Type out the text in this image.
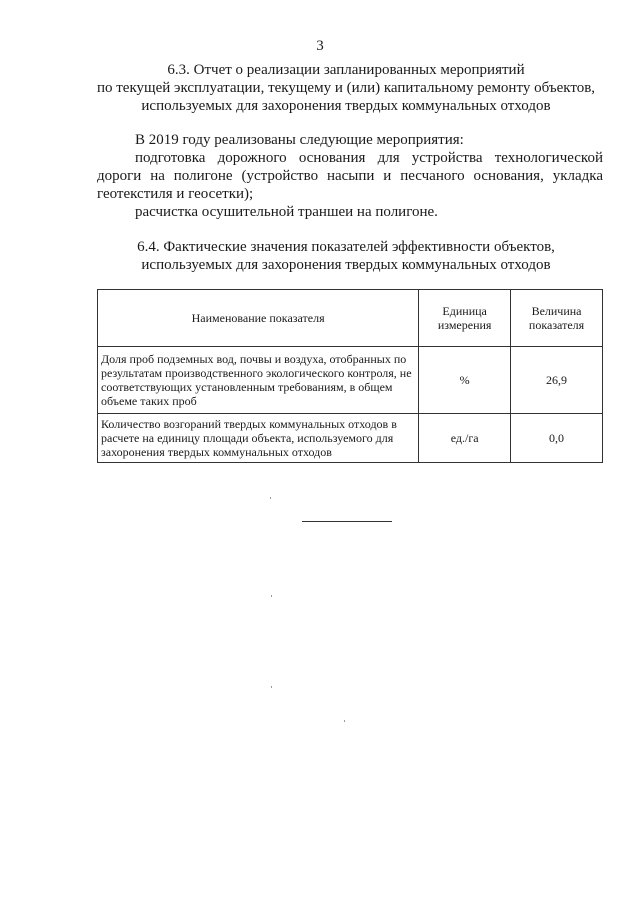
3
6.3. Отчет о реализации запланированных мероприятий
по текущей эксплуатации, текущему и (или) капитальному ремонту объектов,
используемых для захоронения твердых коммунальных отходов
В 2019 году реализованы следующие мероприятия:
подготовка дорожного основания для устройства технологической дороги на полигоне (устройство насыпи и песчаного основания, укладка геотекстиля и геосетки);
расчистка осушительной траншеи на полигоне.
6.4. Фактические значения показателей эффективности объектов,
используемых для захоронения твердых коммунальных отходов
Наименование показателя	Единица измерения	Величина показателя
Доля проб подземных вод, почвы и воздуха, отобранных по результатам производственного экологического контроля, не соответствующих установленным требованиям, в общем объеме таких проб	%	26,9
Количество возгораний твердых коммунальных отходов в расчете на единицу площади объекта, используемого для захоронения твердых коммунальных отходов	ед./га	0,0
